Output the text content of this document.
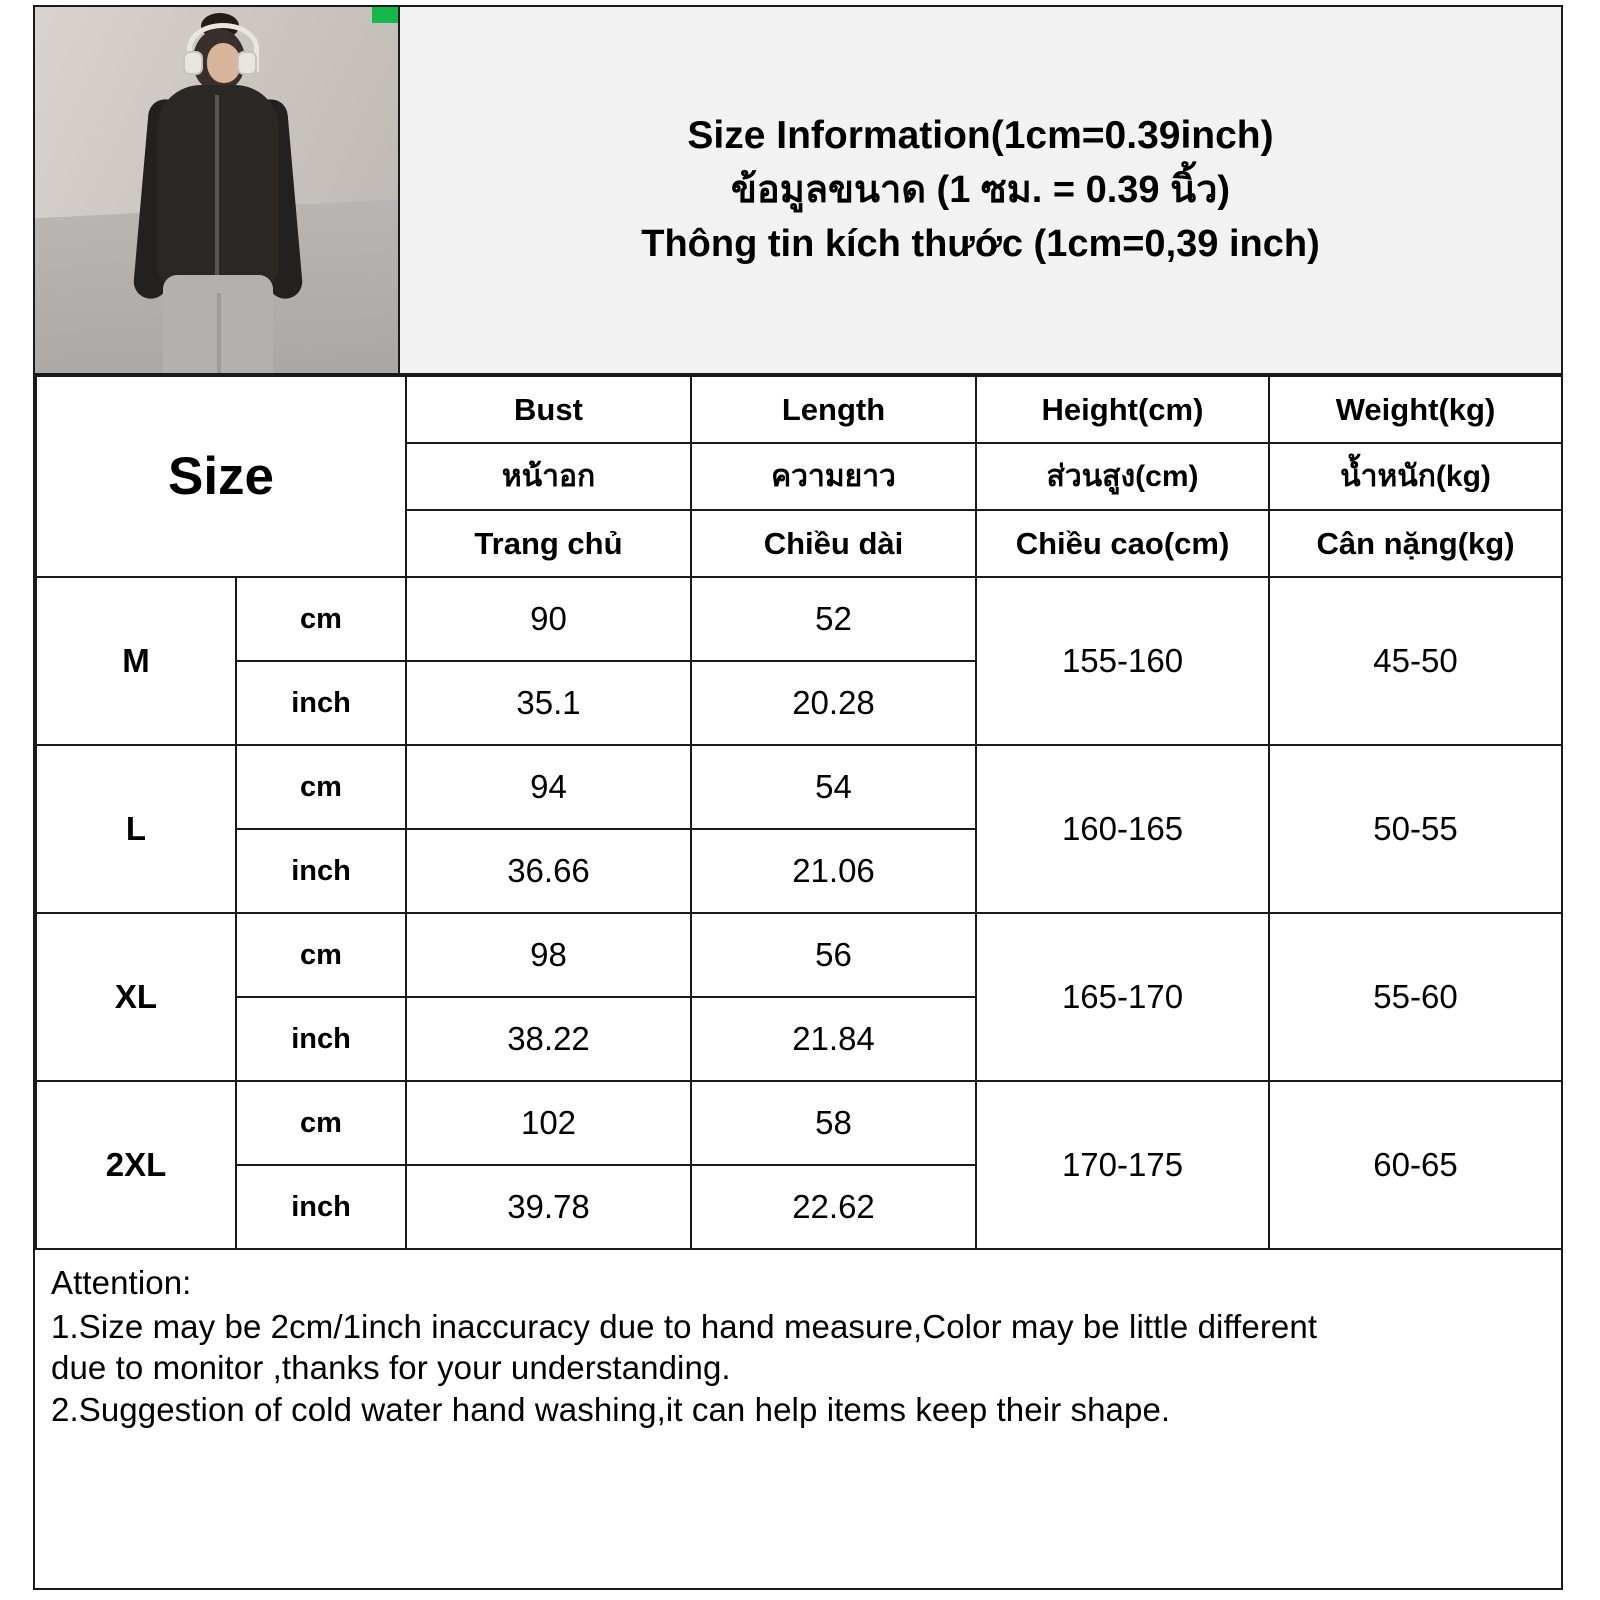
Size Information(1cm=0.39inch)
ข้อมูลขนาด (1 ซม. = 0.39 นิ้ว)
Thông tin kích thước (1cm=0,39 inch)
Size		Bust	Length	Height(cm)	Weight(kg)
		หน้าอก	ความยาว	ส่วนสูง(cm)	น้ำหนัก(kg)
		Trang chủ	Chiều dài	Chiều cao(cm)	Cân nặng(kg)
M	cm	90	52	155-160	45-50
	inch	35.1	20.28		
L	cm	94	54	160-165	50-55
	inch	36.66	21.06		
XL	cm	98	56	165-170	55-60
	inch	38.22	21.84		
2XL	cm	102	58	170-175	60-65
	inch	39.78	22.62		
Attention:
1.Size may be 2cm/1inch inaccuracy due to hand measure,Color may be little different
due to monitor ,thanks for your understanding.
2.Suggestion of cold water hand washing,it can help items keep their shape.
